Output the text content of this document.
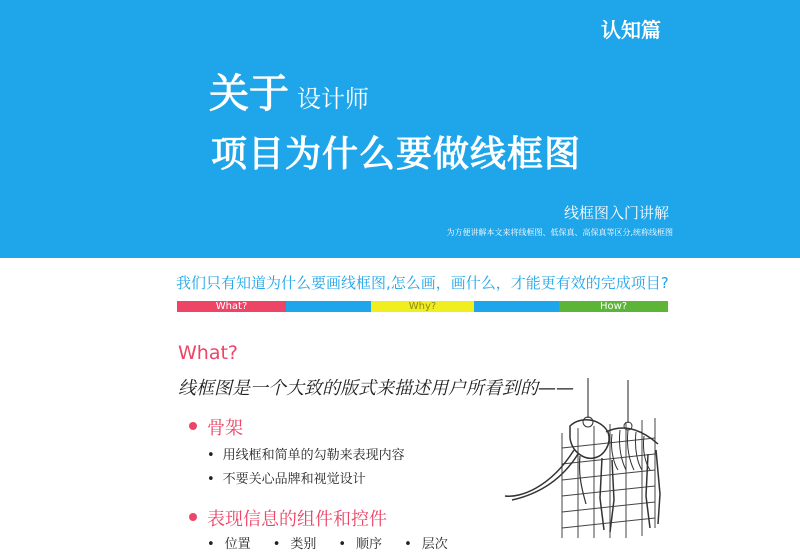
认知篇
关于 设计师
项目为什么要做线框图
线框图入门讲解
为方便讲解本文来将线框图、低保真、高保真等区分,统称线框图
我们只有知道为什么要画线框图,怎么画，画什么，才能更有效的完成项目?
What?	Why?	How?
What?
线框图是一个大致的版式来描述用户所看到的——
骨架
• 用线框和简单的勾勒来表现内容
• 不要关心品牌和视觉设计
表现信息的组件和控件
• 位置	• 类别	• 顺序	• 层次
